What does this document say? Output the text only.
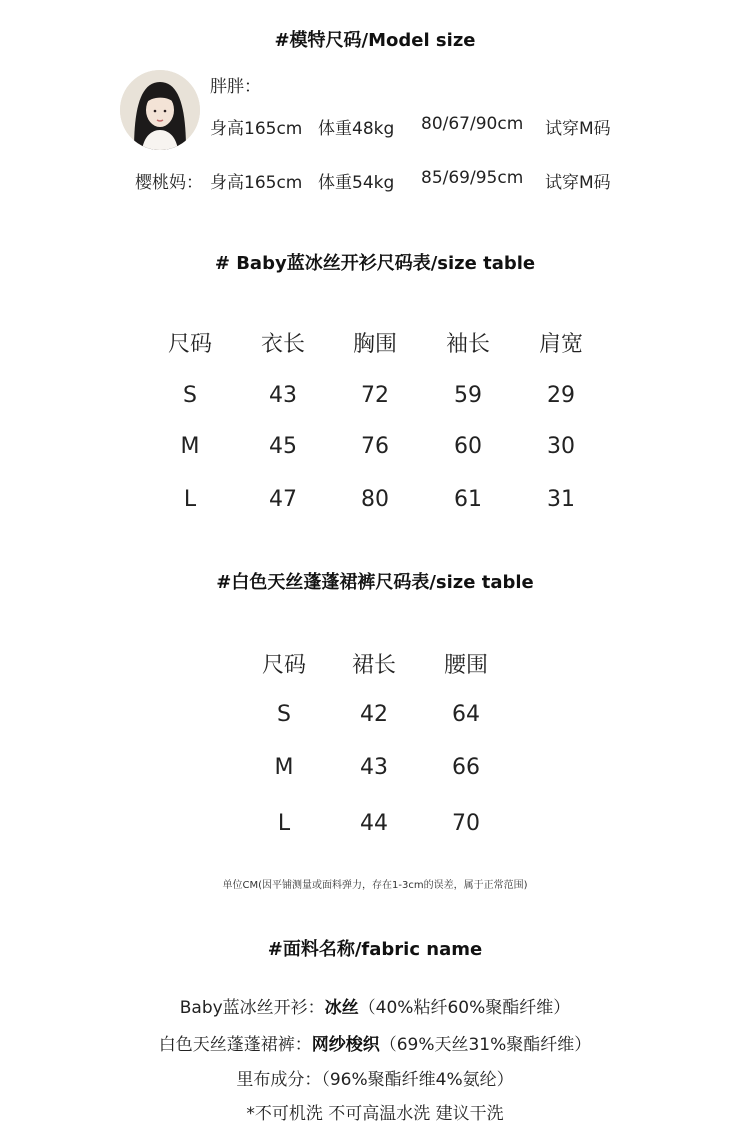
#模特尺码/Model size
胖胖：
身高165cm 体重48kg 80/67/90cm 试穿M码
樱桃妈： 身高165cm 体重54kg 85/69/95cm 试穿M码
# Baby蓝冰丝开衫尺码表/size table
尺码	衣长	胸围	袖长	肩宽
S	43	72	59	29
M	45	76	60	30
L	47	80	61	31
#白色天丝蓬蓬裙裤尺码表/size table
尺码	裙长	腰围
S	42	64
M	43	66
L	44	70
单位CM(因平铺测量或面料弹力，存在1-3cm的误差，属于正常范围)
#面料名称/fabric name
Baby蓝冰丝开衫：冰丝（40%粘纤60%聚酯纤维）
白色天丝蓬蓬裙裤：网纱梭织（69%天丝31%聚酯纤维）
里布成分：（96%聚酯纤维4%氨纶）
*不可机洗 不可高温水洗 建议干洗
